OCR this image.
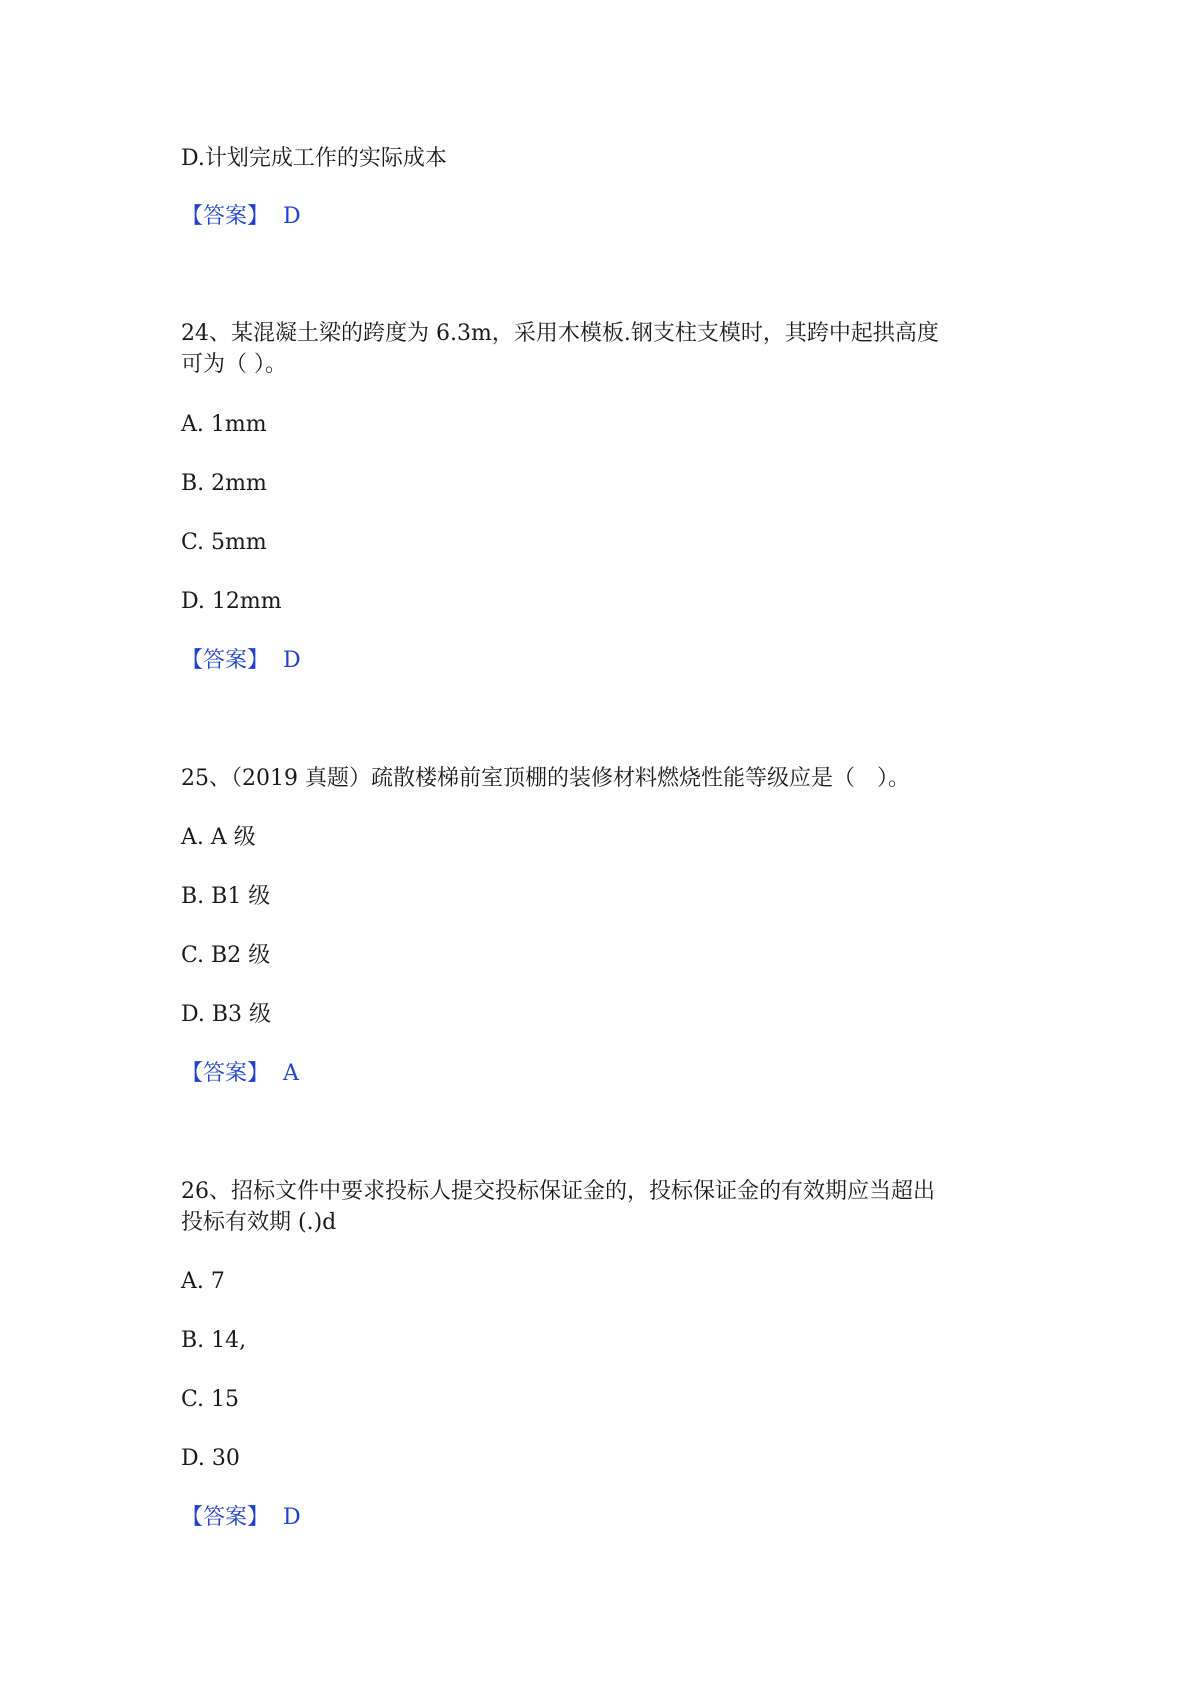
D.计划完成工作的实际成本
【答案】 D
24、某混凝土梁的跨度为 6.3m，采用木模板.钢支柱支模时，其跨中起拱高度
可为（ ）。
A. 1mm
B. 2mm
C. 5mm
D. 12mm
【答案】 D
25、（2019 真题）疏散楼梯前室顶棚的装修材料燃烧性能等级应是（　）。
A. A 级
B. B1 级
C. B2 级
D. B3 级
【答案】 A
26、招标文件中要求投标人提交投标保证金的，投标保证金的有效期应当超出
投标有效期 (.)d
A. 7
B. 14,
C. 15
D. 30
【答案】 D
